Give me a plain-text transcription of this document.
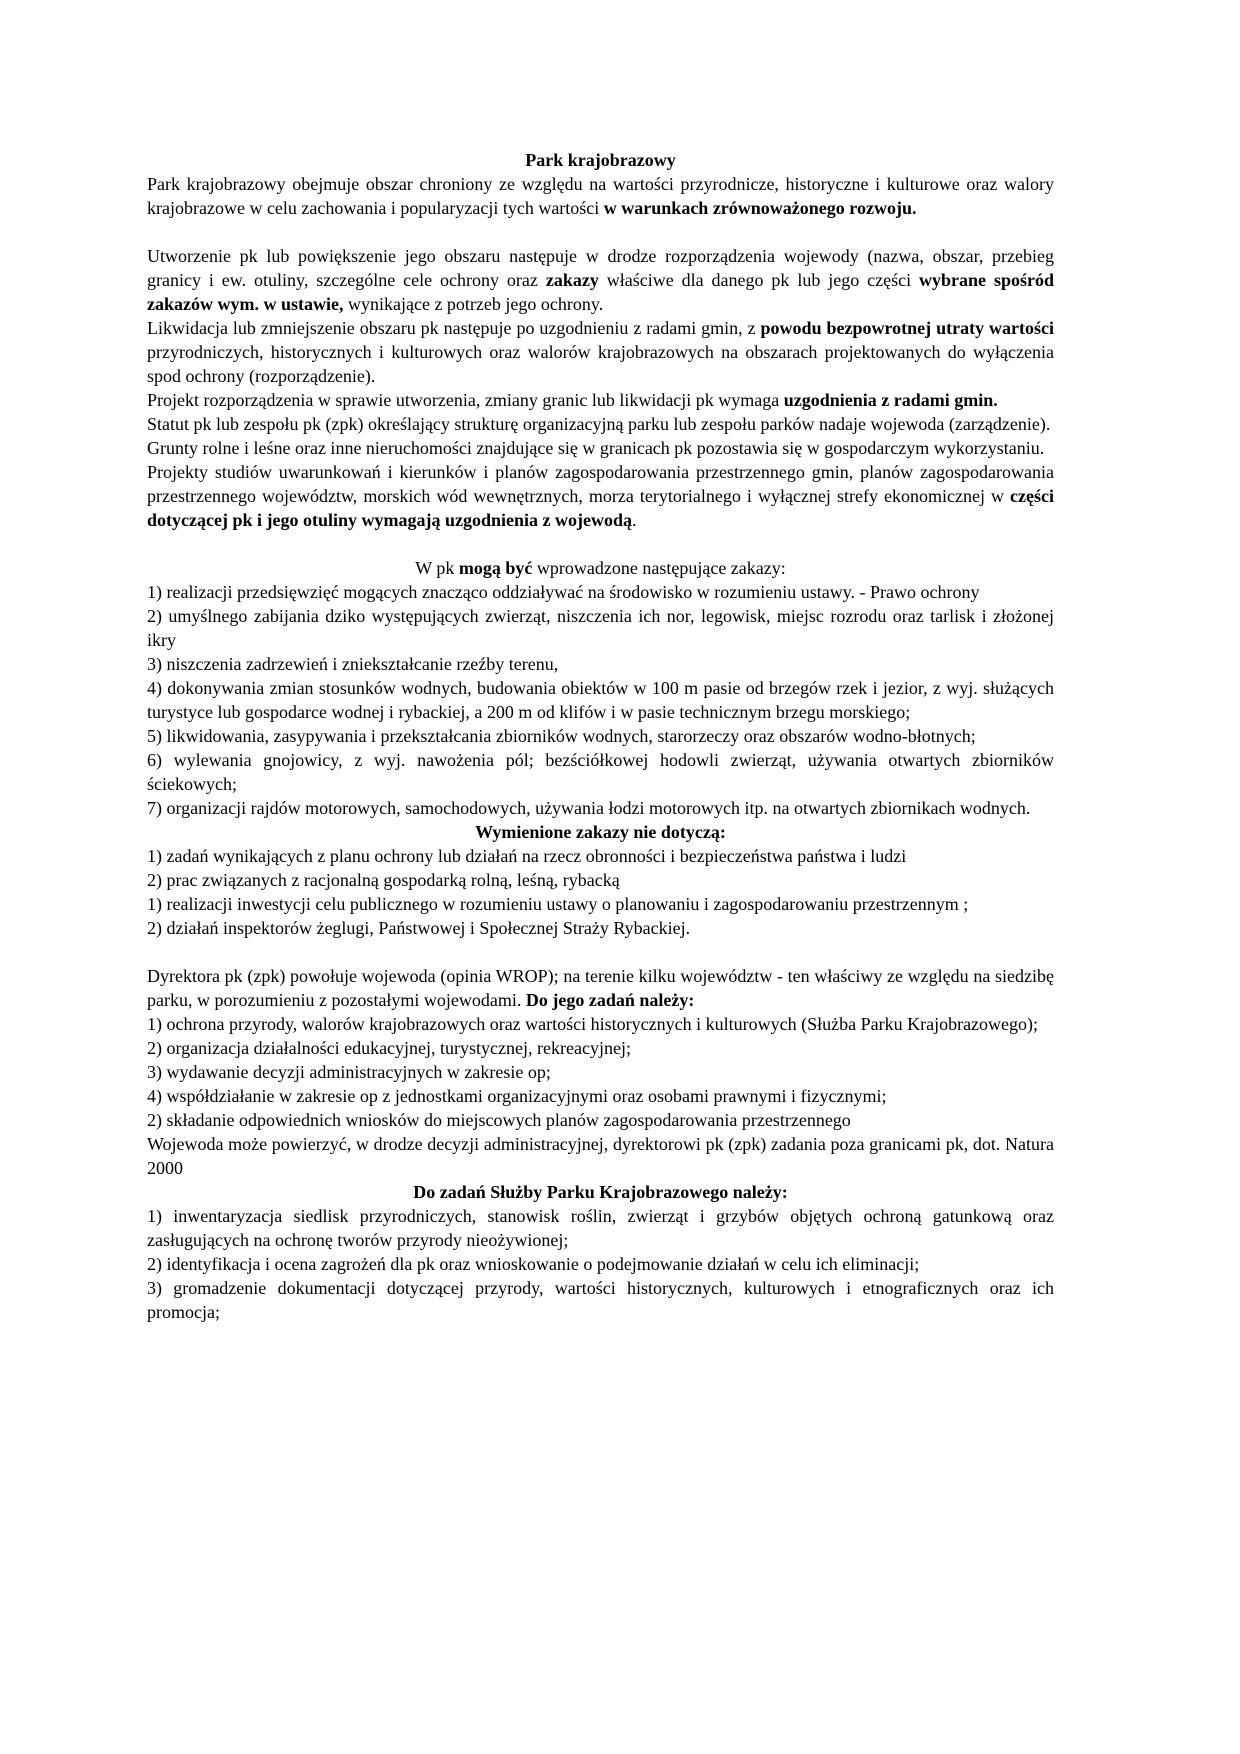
Park krajobrazowy

Park krajobrazowy obejmuje obszar chroniony ze względu na wartości przyrodnicze, historyczne i kulturowe oraz walory krajobrazowe w celu zachowania i popularyzacji tych wartości w warunkach zrównoważonego rozwoju.

Utworzenie pk lub powiększenie jego obszaru następuje w drodze rozporządzenia wojewody (nazwa, obszar, przebieg granicy i ew. otuliny, szczególne cele ochrony oraz zakazy właściwe dla danego pk lub jego części wybrane spośród zakazów wym. w ustawie, wynikające z potrzeb jego ochrony.

Likwidacja lub zmniejszenie obszaru pk następuje po uzgodnieniu z radami gmin, z powodu bezpowrotnej utraty wartości przyrodniczych, historycznych i kulturowych oraz walorów krajobrazowych na obszarach projektowanych do wyłączenia spod ochrony (rozporządzenie).

Projekt rozporządzenia w sprawie utworzenia, zmiany granic lub likwidacji pk wymaga uzgodnienia z radami gmin.

Statut pk lub zespołu pk (zpk) określający strukturę organizacyjną parku lub zespołu parków nadaje wojewoda (zarządzenie).

Grunty rolne i leśne oraz inne nieruchomości znajdujące się w granicach pk pozostawia się w gospodarczym wykorzystaniu.

Projekty studiów uwarunkowań i kierunków i planów zagospodarowania przestrzennego gmin, planów zagospodarowania przestrzennego województw, morskich wód wewnętrznych, morza terytorialnego i wyłącznej strefy ekonomicznej w części dotyczącej pk i jego otuliny wymagają uzgodnienia z wojewodą.

W pk mogą być wprowadzone następujące zakazy:

1) realizacji przedsięwzięć mogących znacząco oddziaływać na środowisko w rozumieniu ustawy. - Prawo ochrony

2) umyślnego zabijania dziko występujących zwierząt, niszczenia ich nor, legowisk, miejsc rozrodu oraz tarlisk i złożonej ikry

3) niszczenia zadrzewień i zniekształcanie rzeźby terenu,

4) dokonywania zmian stosunków wodnych, budowania obiektów w 100 m pasie od brzegów rzek i jezior, z wyj. służących turystyce lub gospodarce wodnej i rybackiej, a 200 m od klifów i w pasie technicznym brzegu morskiego;

5) likwidowania, zasypywania i przekształcania zbiorników wodnych, starorzeczy oraz obszarów wodno-błotnych;

6) wylewania gnojowicy, z wyj. nawożenia pól; bezściółkowej hodowli zwierząt, używania otwartych zbiorników ściekowych;

7) organizacji rajdów motorowych, samochodowych, używania łodzi motorowych itp. na otwartych zbiornikach wodnych.

Wymienione zakazy nie dotyczą:

1) zadań wynikających z planu ochrony lub działań na rzecz obronności i bezpieczeństwa państwa i ludzi

2) prac związanych z racjonalną gospodarką rolną, leśną, rybacką

1) realizacji inwestycji celu publicznego w rozumieniu ustawy o planowaniu i zagospodarowaniu przestrzennym ;

2) działań inspektorów żeglugi, Państwowej i Społecznej Straży Rybackiej.

Dyrektora pk (zpk) powołuje wojewoda (opinia WROP); na terenie kilku województw - ten właściwy ze względu na siedzibę parku, w porozumieniu z pozostałymi wojewodami. Do jego zadań należy:

1) ochrona przyrody, walorów krajobrazowych oraz wartości historycznych i kulturowych (Służba Parku Krajobrazowego);

2) organizacja działalności edukacyjnej, turystycznej, rekreacyjnej;

3) wydawanie decyzji administracyjnych w zakresie op;

4) współdziałanie w zakresie op z jednostkami organizacyjnymi oraz osobami prawnymi i fizycznymi;

2) składanie odpowiednich wniosków do miejscowych planów zagospodarowania przestrzennego

Wojewoda może powierzyć, w drodze decyzji administracyjnej, dyrektorowi pk (zpk) zadania poza granicami pk, dot. Natura 2000

Do zadań Służby Parku Krajobrazowego należy:

1) inwentaryzacja siedlisk przyrodniczych, stanowisk roślin, zwierząt i grzybów objętych ochroną gatunkową oraz zasługujących na ochronę tworów przyrody nieożywionej;

2) identyfikacja i ocena zagrożeń dla pk oraz wnioskowanie o podejmowanie działań w celu ich eliminacji;

3) gromadzenie dokumentacji dotyczącej przyrody, wartości historycznych, kulturowych i etnograficznych oraz ich promocja;
